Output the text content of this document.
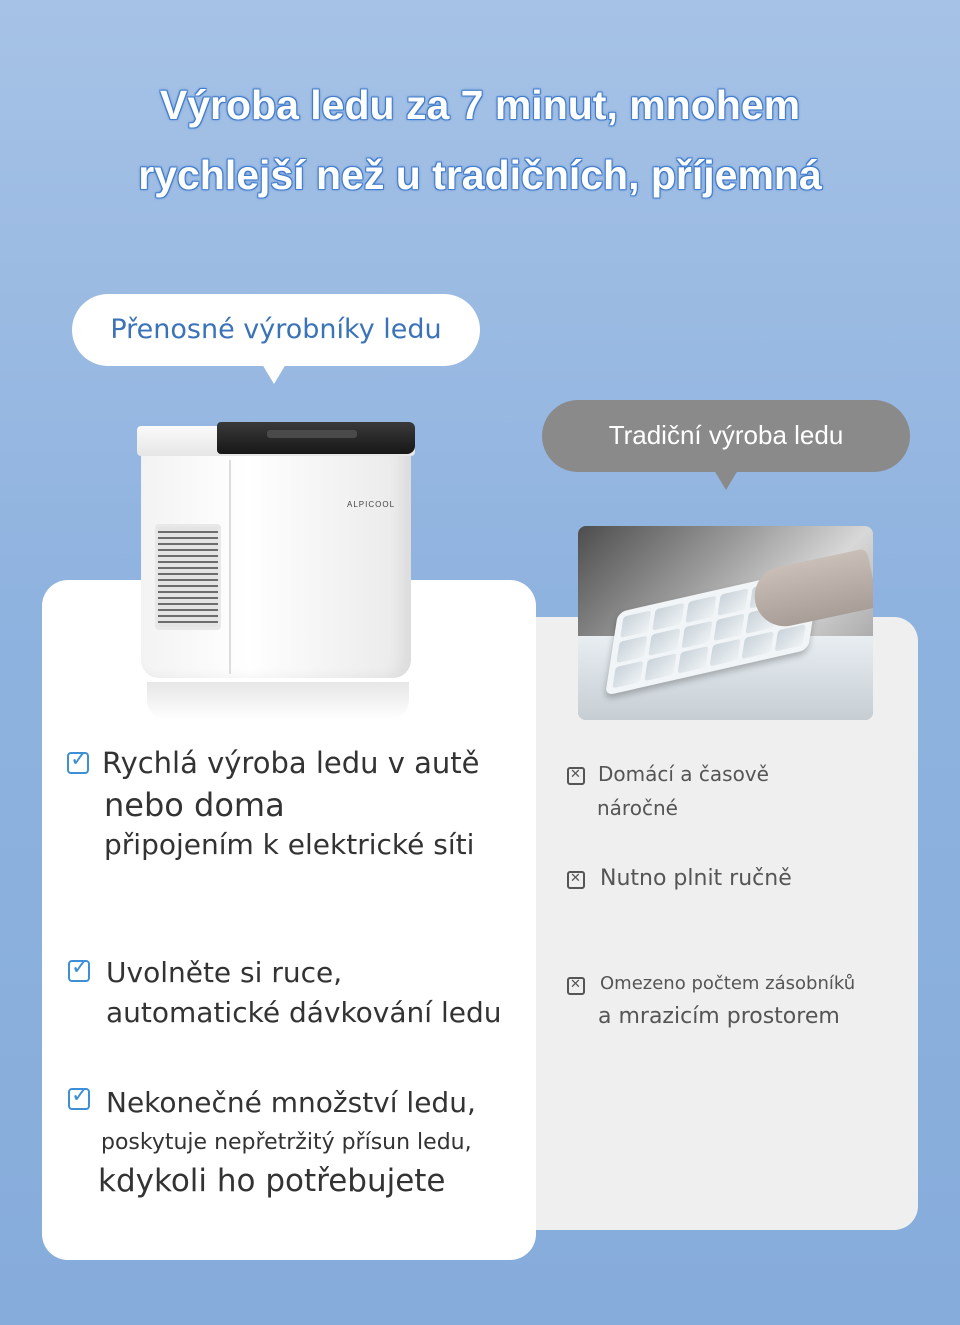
Výroba ledu za 7 minut, mnohem
rychlejší než u tradičních, příjemná
Přenosné výrobníky ledu
Tradiční výroba ledu
ALPICOOL
✓
Rychlá výroba ledu v autě
nebo doma
připojením k elektrické síti
✓
Uvolněte si ruce,
automatické dávkování ledu
✓
Nekonečné množství ledu,
poskytuje nepřetržitý přísun ledu,
kdykoli ho potřebujete
✕
Domácí a časově
náročné
✕
Nutno plnit ručně
✕
Omezeno počtem zásobníků
a mrazicím prostorem
